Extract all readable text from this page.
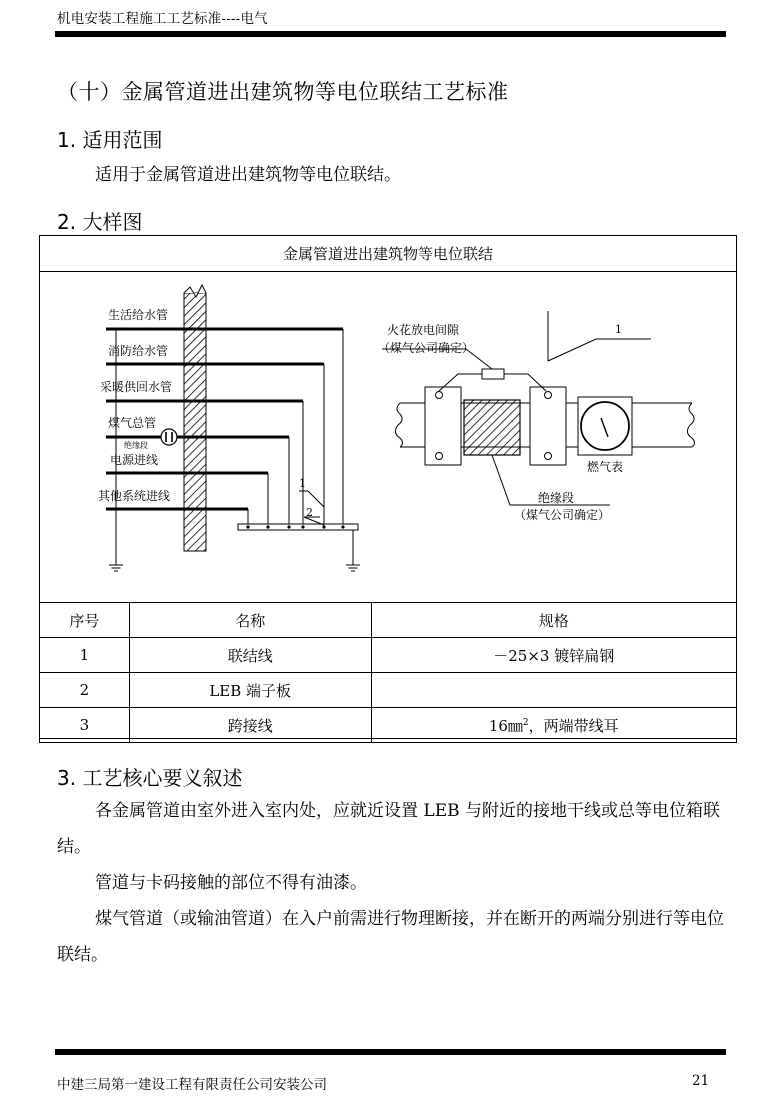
机电安装工程施工工艺标准----电气
（十）金属管道进出建筑物等电位联结工艺标准
1. 适用范围

适用于金属管道进出建筑物等电位联结。

2. 大样图
金属管道进出建筑物等电位联结
生活给水管
消防给水管
采暖供回水管
煤气总管
绝缘段
电源进线
其他系统进线
1
2
火花放电间隙
（煤气公司确定）
1
燃气表
绝缘段
（煤气公司确定）
序号	名称	规格
1	联结线	－25×3 镀锌扁钢
2	LEB 端子板	
3	跨接线	16㎜$^2$，两端带线耳
3. 工艺核心要义叙述

各金属管道由室外进入室内处，应就近设置 LEB 与附近的接地干线或总等电位箱联结。

管道与卡码接触的部位不得有油漆。

煤气管道（或输油管道）在入户前需进行物理断接，并在断开的两端分别进行等电位联结。

中建三局第一建设工程有限责任公司安装公司	21
